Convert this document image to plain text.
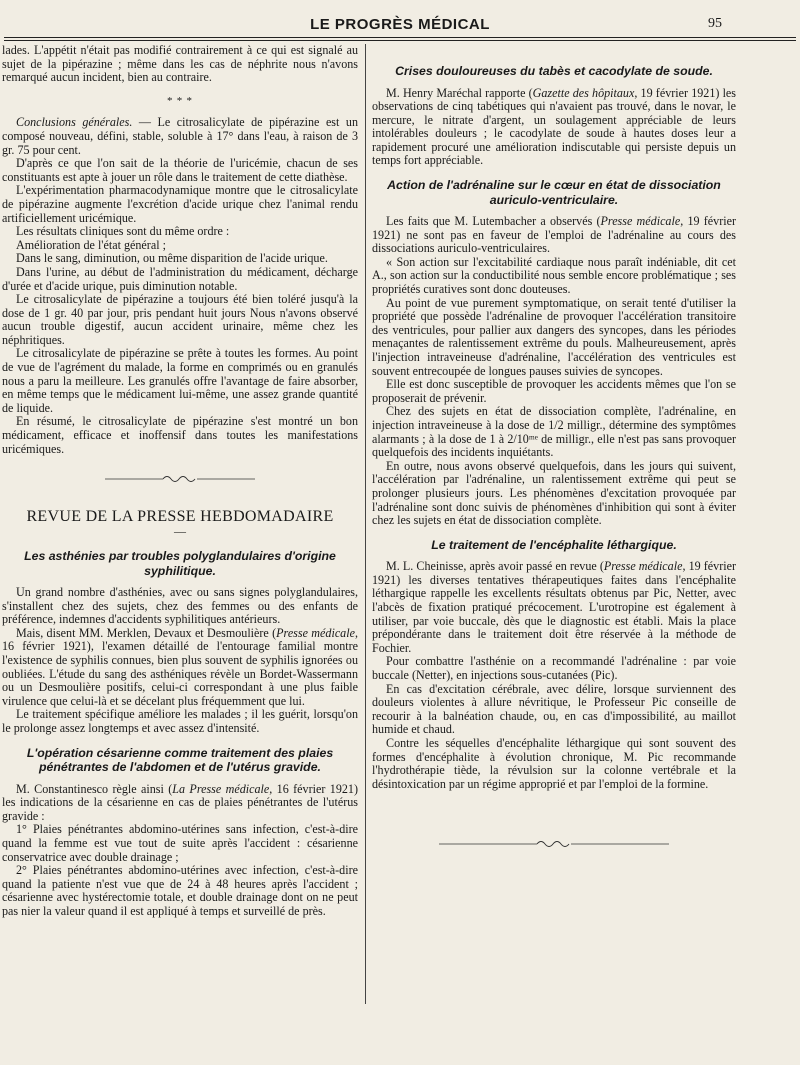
LE PROGRÈS MÉDICAL	95

lades. L'appétit n'était pas modifié contrairement à ce qui est signalé au sujet de la pipérazine ; même dans les cas de néphrite nous n'avons remarqué aucun incident, bien au contraire.

* * *

Conclusions générales. — Le citrosalicylate de pipérazine est un composé nouveau, défini, stable, soluble à 17° dans l'eau, à raison de 3 gr. 75 pour cent.

D'après ce que l'on sait de la théorie de l'uricémie, chacun de ses constituants est apte à jouer un rôle dans le traitement de cette diathèse.

L'expérimentation pharmacodynamique montre que le citrosalicylate de pipérazine augmente l'excrétion d'acide urique chez l'animal rendu artificiellement uricémique.

Les résultats cliniques sont du même ordre :

Amélioration de l'état général ;

Dans le sang, diminution, ou même disparition de l'acide urique.

Dans l'urine, au début de l'administration du médicament, décharge d'urée et d'acide urique, puis diminution notable.

Le citrosalicylate de pipérazine a toujours été bien toléré jusqu'à la dose de 1 gr. 40 par jour, pris pendant huit jours Nous n'avons observé aucun trouble digestif, aucun accident urinaire, même chez les néphritiques.

Le citrosalicylate de pipérazine se prête à toutes les formes. Au point de vue de l'agrément du malade, la forme en comprimés ou en granulés nous a paru la meilleure. Les granulés offre l'avantage de faire absorber, en même temps que le médicament lui-même, une assez grande quantité de liquide.

En résumé, le citrosalicylate de pipérazine s'est montré un bon médicament, efficace et inoffensif dans toutes les manifestations uricémiques.

REVUE DE LA PRESSE HEBDOMADAIRE
—
Les asthénies par troubles polyglandulaires d'origine syphilitique.

Un grand nombre d'asthénies, avec ou sans signes polyglandulaires, s'installent chez des sujets, chez des femmes ou des enfants de préférence, indemnes d'accidents syphilitiques antérieurs.

Mais, disent MM. Merklen, Devaux et Desmoulière (Presse médicale, 16 février 1921), l'examen détaillé de l'entourage familial montre l'existence de syphilis connues, bien plus souvent de syphilis ignorées ou oubliées. L'étude du sang des asthéniques révèle un Bordet-Wassermann ou un Desmoulière positifs, celui-ci correspondant à une plus faible virulence que celui-là et se décelant plus fréquemment que lui.

Le traitement spécifique améliore les malades ; il les guérit, lorsqu'on le prolonge assez longtemps et avec assez d'intensité.

L'opération césarienne comme traitement des plaies pénétrantes de l'abdomen et de l'utérus gravide.

M. Constantinesco règle ainsi (La Presse médicale, 16 février 1921) les indications de la césarienne en cas de plaies pénétrantes de l'utérus gravide :

1° Plaies pénétrantes abdomino-utérines sans infection, c'est-à-dire quand la femme est vue tout de suite après l'accident : césarienne conservatrice avec double drainage ;

2° Plaies pénétrantes abdomino-utérines avec infection, c'est-à-dire quand la patiente n'est vue que de 24 à 48 heures après l'accident ; césarienne avec hystérectomie totale, et double drainage dont on ne peut pas nier la valeur quand il est appliqué à temps et surveillé de près.

Crises douloureuses du tabès et cacodylate de soude.

M. Henry Maréchal rapporte (Gazette des hôpitaux, 19 février 1921) les observations de cinq tabétiques qui n'avaient pas trouvé, dans le novar, le mercure, le nitrate d'argent, un soulagement appréciable de leurs intolérables douleurs ; le cacodylate de soude à hautes doses leur a rapidement procuré une amélioration indiscutable qui persiste depuis un temps fort appréciable.

Action de l'adrénaline sur le cœur en état de dissociation auriculo-ventriculaire.

Les faits que M. Lutembacher a observés (Presse médicale, 19 février 1921) ne sont pas en faveur de l'emploi de l'adrénaline au cours des dissociations auriculo-ventriculaires.

« Son action sur l'excitabilité cardiaque nous paraît indéniable, dit cet A., son action sur la conductibilité nous semble encore problématique ; ses propriétés curatives sont donc douteuses.

Au point de vue purement symptomatique, on serait tenté d'utiliser la propriété que possède l'adrénaline de provoquer l'accélération transitoire des ventricules, pour pallier aux dangers des syncopes, dans les périodes menaçantes de ralentissement extrême du pouls. Malheureusement, après l'injection intraveineuse d'adrénaline, l'accélération des ventricules est souvent entrecoupée de longues pauses suivies de syncopes.

Elle est donc susceptible de provoquer les accidents mêmes que l'on se proposerait de prévenir.

Chez des sujets en état de dissociation complète, l'adrénaline, en injection intraveineuse à la dose de 1/2 milligr., détermine des symptômes alarmants ; à la dose de 1 à 2/10ᵐᵉ de milligr., elle n'est pas sans provoquer quelquefois des incidents inquiétants.

En outre, nous avons observé quelquefois, dans les jours qui suivent, l'accélération par l'adrénaline, un ralentissement extrême qui peut se prolonger plusieurs jours. Les phénomènes d'excitation provoquée par l'adrénaline sont donc suivis de phénomènes d'inhibition qui sont à éviter chez les sujets en état de dissociation complète.

Le traitement de l'encéphalite léthargique.

M. L. Cheinisse, après avoir passé en revue (Presse médicale, 19 février 1921) les diverses tentatives thérapeutiques faites dans l'encéphalite léthargique rappelle les excellents résultats obtenus par Pic, Netter, avec l'abcès de fixation pratiqué précocement. L'urotropine est également à utiliser, par voie buccale, dès que le diagnostic est établi. Mais la place prépondérante dans le traitement doit être réservée à la méthode de Fochier.

Pour combattre l'asthénie on a recommandé l'adrénaline : par voie buccale (Netter), en injections sous-cutanées (Pic).

En cas d'excitation cérébrale, avec délire, lorsque surviennent des douleurs violentes à allure névritique, le Professeur Pic conseille de recourir à la balnéation chaude, ou, en cas d'impossibilité, au maillot humide et chaud.

Contre les séquelles d'encéphalite léthargique qui sont souvent des formes d'encéphalite à évolution chronique, M. Pic recommande l'hydrothérapie tiède, la révulsion sur la colonne vertébrale et la désintoxication par un régime approprié et par l'emploi de la formine.
